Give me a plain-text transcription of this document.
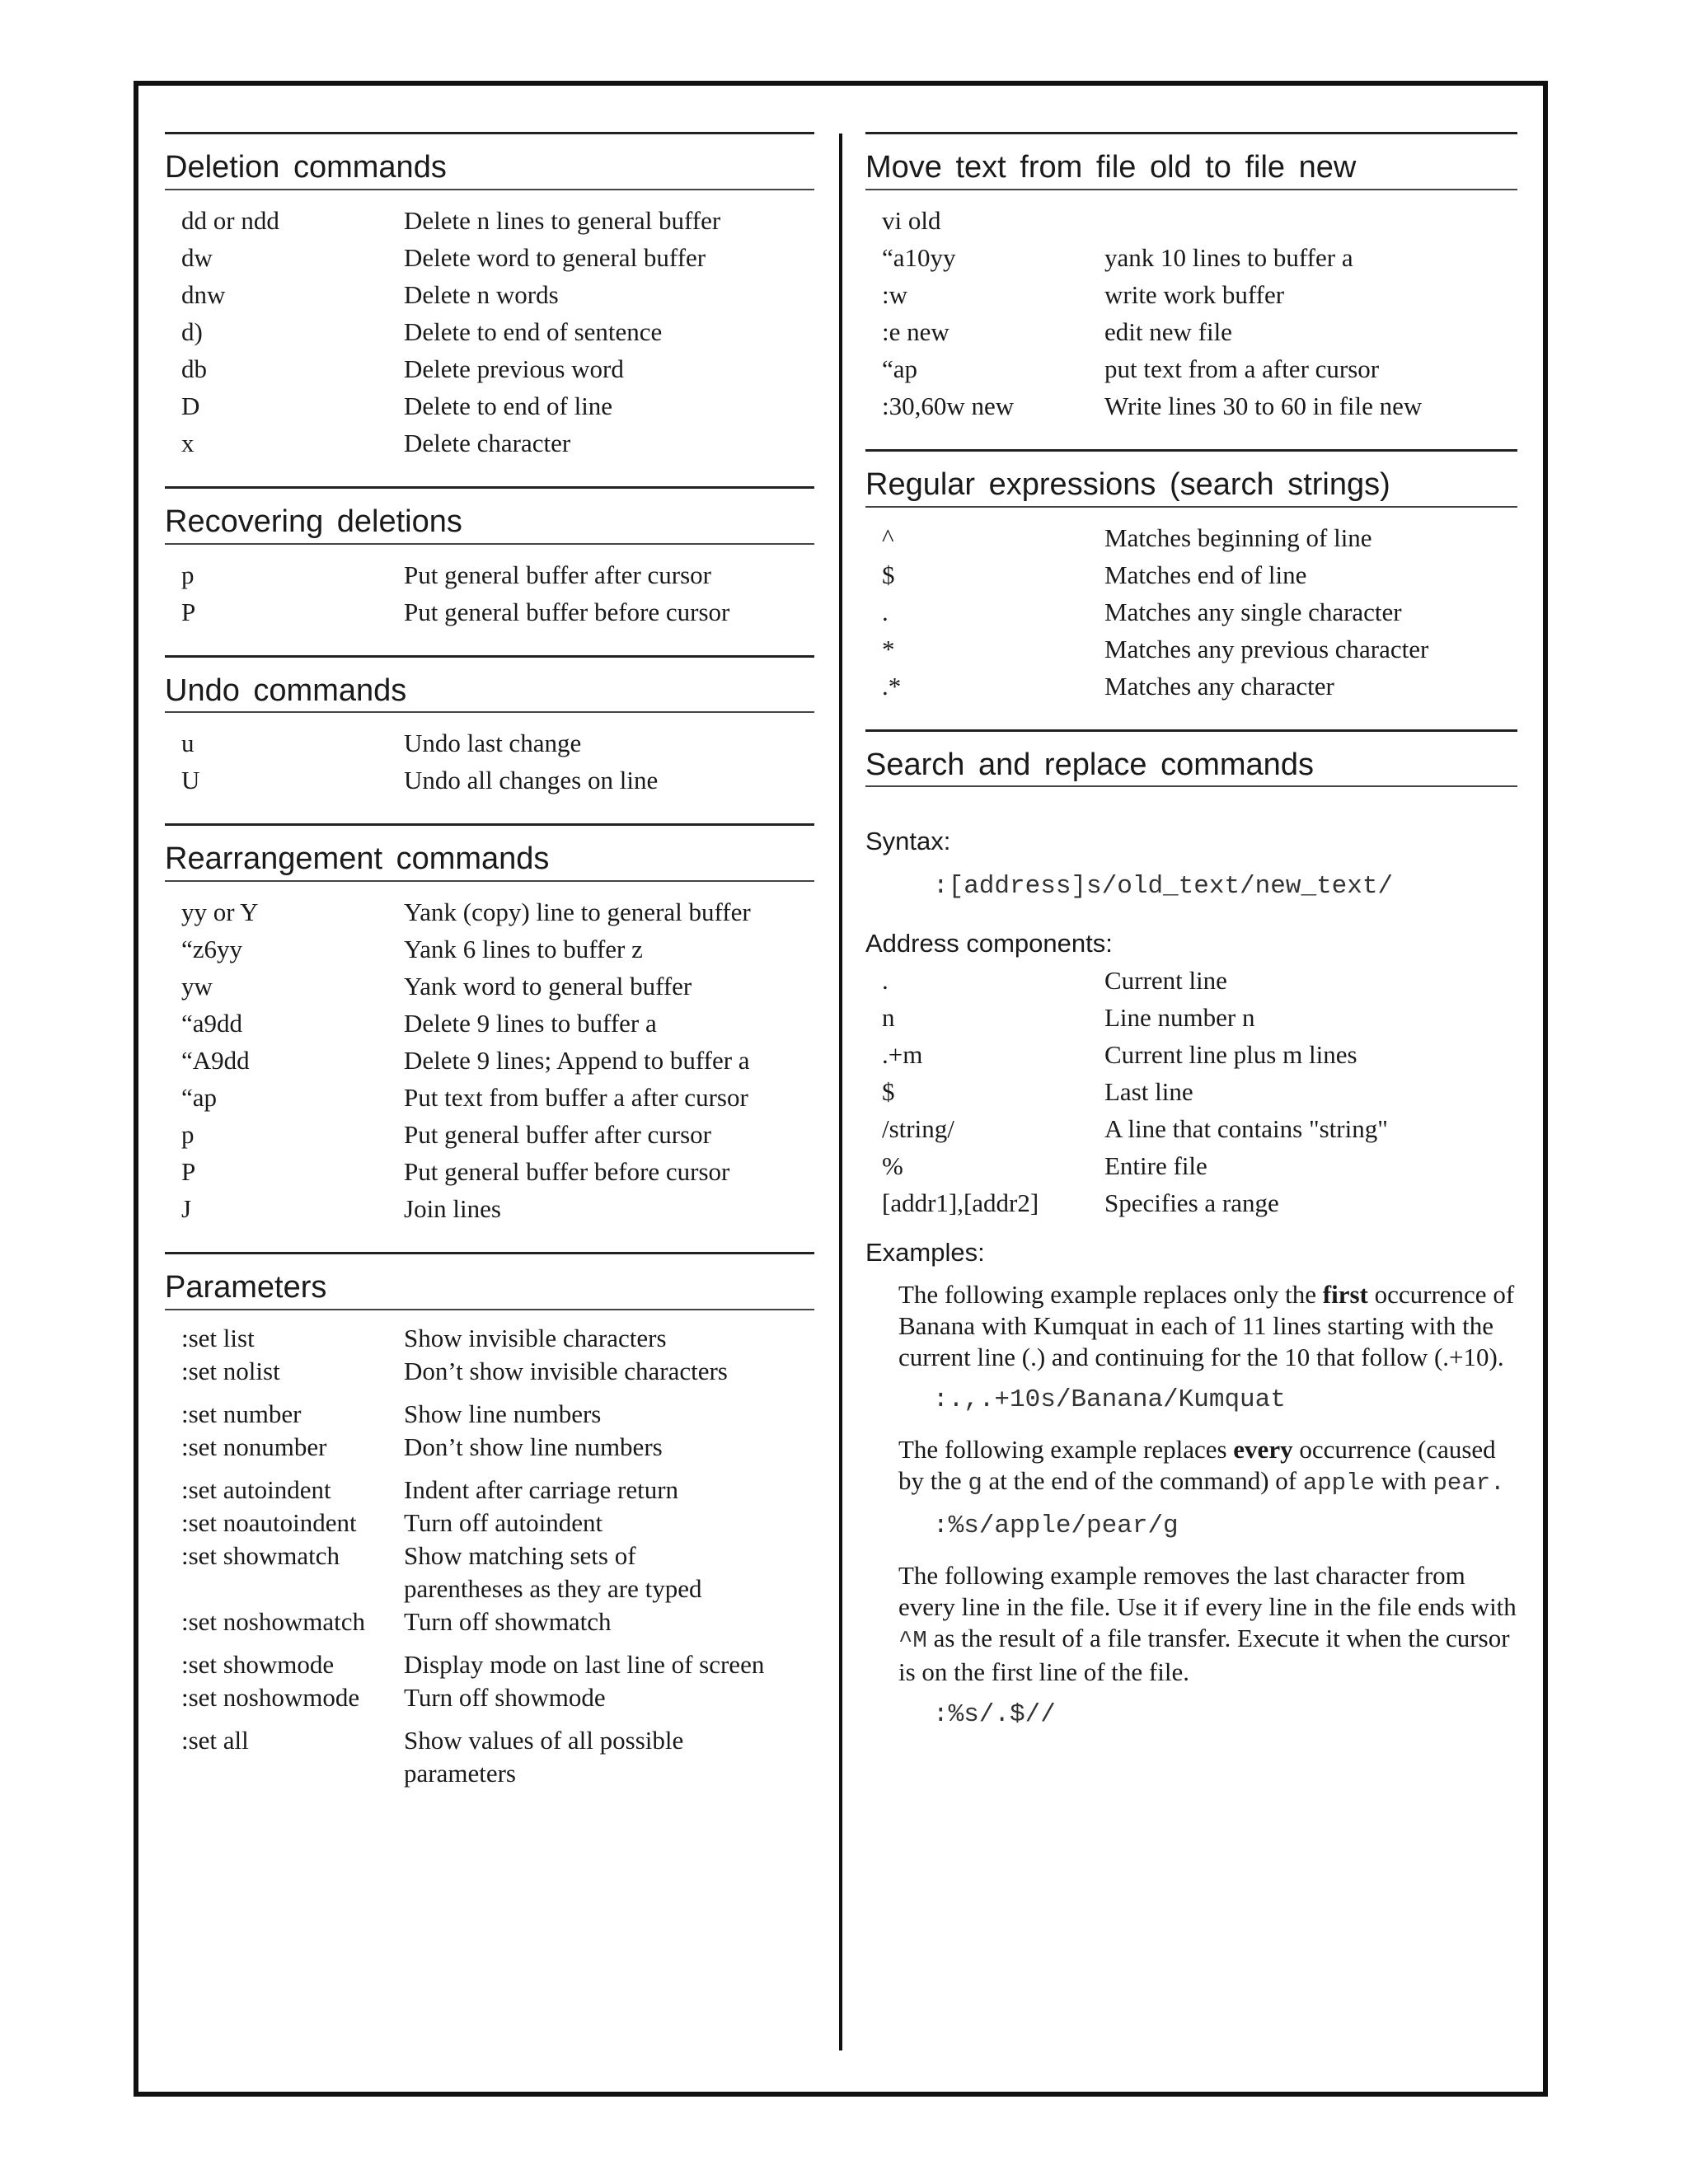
Deletion commands
dd or ndd	Delete n lines to general buffer
dw	Delete word to general buffer
dnw	Delete n words
d)	Delete to end of sentence
db	Delete previous word
D	Delete to end of line
x	Delete character
Recovering deletions
p	Put general buffer after cursor
P	Put general buffer before cursor
Undo commands
u	Undo last change
U	Undo all changes on line
Rearrangement commands
yy or Y	Yank (copy) line to general buffer
“z6yy	Yank 6 lines to buffer z
yw	Yank word to general buffer
“a9dd	Delete 9 lines to buffer a
“A9dd	Delete 9 lines; Append to buffer a
“ap	Put text from buffer a after cursor
p	Put general buffer after cursor
P	Put general buffer before cursor
J	Join lines
Parameters
:set list	Show invisible characters
:set nolist	Don’t show invisible characters
:set number	Show line numbers
:set nonumber	Don’t show line numbers
:set autoindent	Indent after carriage return
:set noautoindent	Turn off autoindent
:set showmatch	Show matching sets of
parentheses as they are typed
:set noshowmatch	Turn off showmatch
:set showmode	Display mode on last line of screen
:set noshowmode	Turn off showmode
:set all	Show values of all possible
parameters
Move text from file old to file new
vi old
“a10yy	yank 10 lines to buffer a
:w	write work buffer
:e new	edit new file
“ap	put text from a after cursor
:30,60w new	Write lines 30 to 60 in file new
Regular expressions (search strings)
^	Matches beginning of line
$	Matches end of line
.	Matches any single character
*	Matches any previous character
.*	Matches any character
Search and replace commands
Syntax:
:[address]s/old_text/new_text/
Address components:
.	Current line
n	Line number n
.+m	Current line plus m lines
$	Last line
/string/	A line that contains "string"
%	Entire file
[addr1],[addr2]	Specifies a range
Examples:
The following example replaces only the first occurrence of Banana with Kumquat in each of 11 lines starting with the current line (.) and continuing for the 10 that follow (.+10).
:.,.+10s/Banana/Kumquat
The following example replaces every occurrence (caused by the g at the end of the command) of apple with pear.
:%s/apple/pear/g
The following example removes the last character from every line in the file. Use it if every line in the file ends with ^M as the result of a file transfer. Execute it when the cursor is on the first line of the file.
:%s/.$//
